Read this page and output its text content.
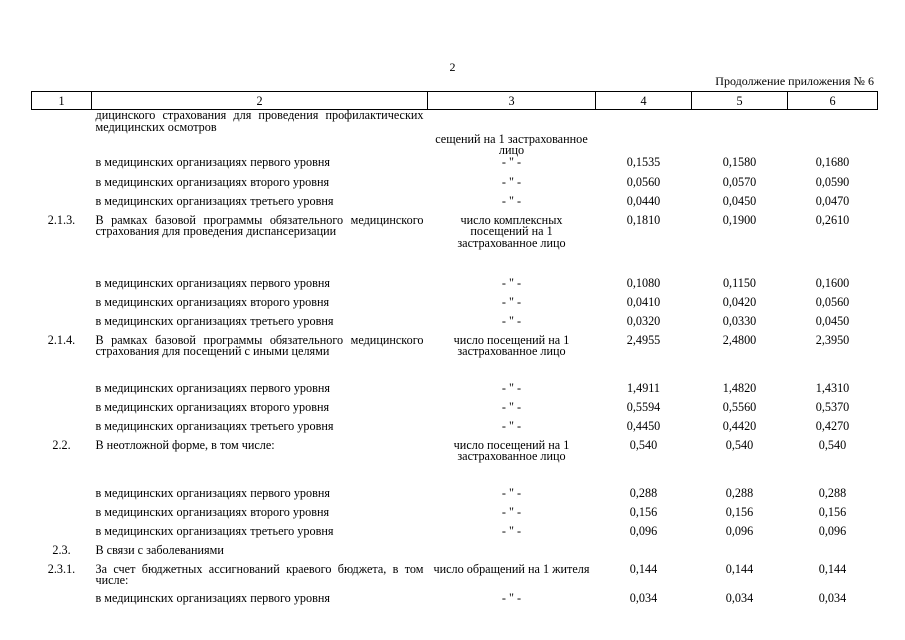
2
Продолжение приложения № 6
1	2	3	4	5	6
	дицинского страхования для проведения профилактических медицинских осмотров	сещений на 1 застрахованное лицо			
	в медицинских организациях первого уровня	- " -	0,1535	0,1580	0,1680
	в медицинских организациях второго уровня	- " -	0,0560	0,0570	0,0590
	в медицинских организациях третьего уровня	- " -	0,0440	0,0450	0,0470
2.1.3.	В рамках базовой программы обязательного медицинского страхования для проведения диспансеризации	число комплексных посещений на 1 застрахованное лицо	0,1810	0,1900	0,2610
	в медицинских организациях первого уровня	- " -	0,1080	0,1150	0,1600
	в медицинских организациях второго уровня	- " -	0,0410	0,0420	0,0560
	в медицинских организациях третьего уровня	- " -	0,0320	0,0330	0,0450
2.1.4.	В рамках базовой программы обязательного медицинского страхования для посещений с иными целями	число посещений на 1 застрахованное лицо	2,4955	2,4800	2,3950
	в медицинских организациях первого уровня	- " -	1,4911	1,4820	1,4310
	в медицинских организациях второго уровня	- " -	0,5594	0,5560	0,5370
	в медицинских организациях третьего уровня	- " -	0,4450	0,4420	0,4270
2.2.	В неотложной форме, в том числе:	число посещений на 1 застрахованное лицо	0,540	0,540	0,540
	в медицинских организациях первого уровня	- " -	0,288	0,288	0,288
	в медицинских организациях второго уровня	- " -	0,156	0,156	0,156
	в медицинских организациях третьего уровня	- " -	0,096	0,096	0,096
2.3.	В связи с заболеваниями				
2.3.1.	За счет бюджетных ассигнований краевого бюджета, в том числе:	число обращений на 1 жителя	0,144	0,144	0,144
	в медицинских организациях первого уровня	- " -	0,034	0,034	0,034
